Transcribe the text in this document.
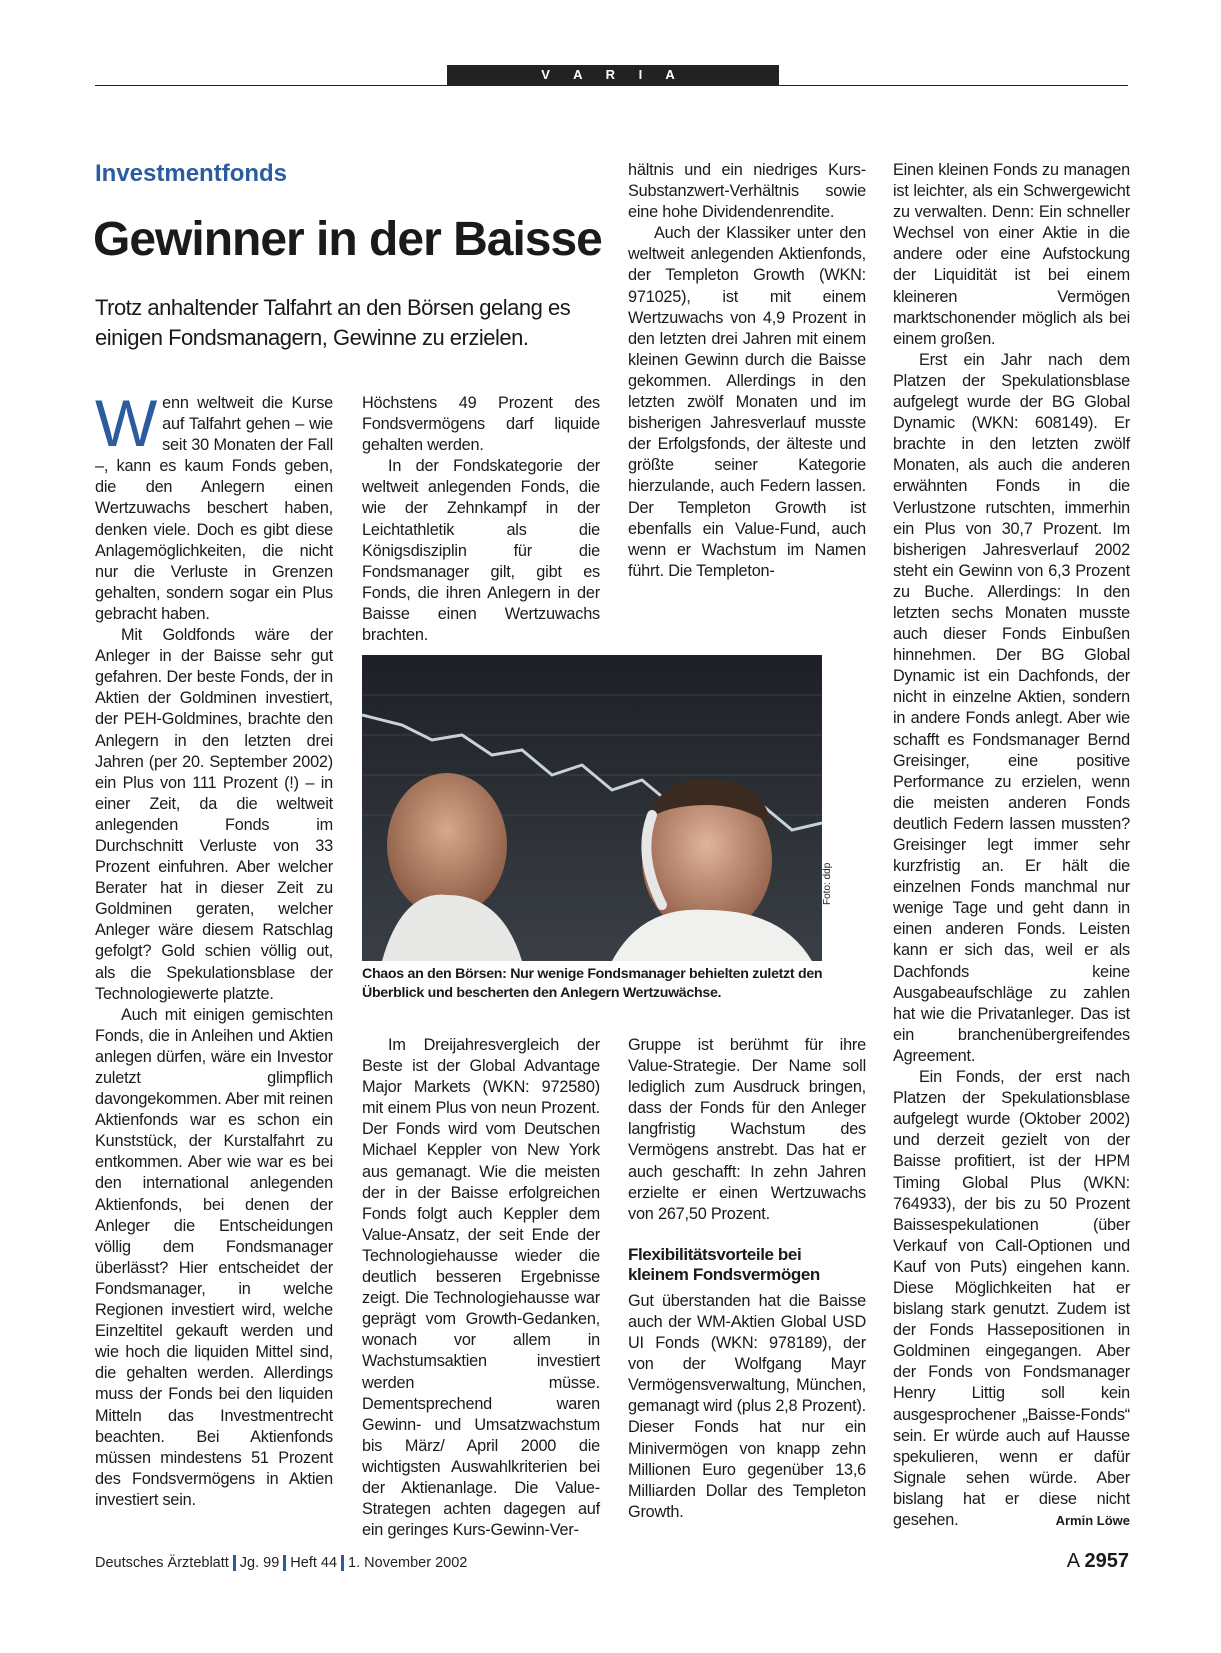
V A R I A
Investmentfonds
Gewinner in der Baisse
Trotz anhaltender Talfahrt an den Börsen gelang es einigen Fondsmanagern, Gewinne zu erzielen.

Wenn weltweit die Kurse auf Talfahrt gehen – wie seit 30 Monaten der Fall –, kann es kaum Fonds geben, die den Anlegern einen Wertzuwachs beschert haben, denken viele. Doch es gibt diese Anlagemöglichkeiten, die nicht nur die Verluste in Grenzen gehalten, sondern sogar ein Plus gebracht haben.

Mit Goldfonds wäre der Anleger in der Baisse sehr gut gefahren. Der beste Fonds, der in Aktien der Goldminen investiert, der PEH-Goldmines, brachte den Anlegern in den letzten drei Jahren (per 20. September 2002) ein Plus von 111 Prozent (!) – in einer Zeit, da die weltweit anlegenden Fonds im Durchschnitt Verluste von 33 Prozent einfuhren. Aber welcher Berater hat in dieser Zeit zu Goldminen geraten, welcher Anleger wäre diesem Ratschlag gefolgt? Gold schien völlig out, als die Spekulationsblase der Technologiewerte platzte.

Auch mit einigen gemischten Fonds, die in Anleihen und Aktien anlegen dürfen, wäre ein Investor zuletzt glimpflich davongekommen. Aber mit reinen Aktienfonds war es schon ein Kunststück, der Kurstalfahrt zu entkommen. Aber wie war es bei den international anlegenden Aktienfonds, bei denen der Anleger die Entscheidungen völlig dem Fondsmanager überlässt? Hier entscheidet der Fondsmanager, in welche Regionen investiert wird, welche Einzeltitel gekauft werden und wie hoch die liquiden Mittel sind, die gehalten werden. Allerdings muss der Fonds bei den liquiden Mitteln das Investmentrecht beachten. Bei Aktienfonds müssen mindestens 51 Prozent des Fondsvermögens in Aktien investiert sein.

Höchstens 49 Prozent des Fondsvermögens darf liquide gehalten werden.

In der Fondskategorie der weltweit anlegenden Fonds, die wie der Zehnkampf in der Leichtathletik als die Königsdisziplin für die Fondsmanager gilt, gibt es Fonds, die ihren Anlegern in der Baisse einen Wertzuwachs brachten.

hältnis und ein niedriges Kurs-Substanzwert-Verhältnis sowie eine hohe Dividendenrendite.

Auch der Klassiker unter den weltweit anlegenden Aktienfonds, der Templeton Growth (WKN: 971025), ist mit einem Wertzuwachs von 4,9 Prozent in den letzten drei Jahren mit einem kleinen Gewinn durch die Baisse gekommen. Allerdings in den letzten zwölf Monaten und im bisherigen Jahresverlauf musste der Erfolgsfonds, der älteste und größte seiner Kategorie hierzulande, auch Federn lassen. Der Templeton Growth ist ebenfalls ein Value-Fund, auch wenn er Wachstum im Namen führt. Die Templeton-

Foto: ddp
Chaos an den Börsen: Nur wenige Fondsmanager behielten zuletzt den Überblick und bescherten den Anlegern Wertzuwächse.

Im Dreijahresvergleich der Beste ist der Global Advantage Major Markets (WKN: 972580) mit einem Plus von neun Prozent. Der Fonds wird vom Deutschen Michael Keppler von New York aus gemanagt. Wie die meisten der in der Baisse erfolgreichen Fonds folgt auch Keppler dem Value-Ansatz, der seit Ende der Technologiehausse wieder die deutlich besseren Ergebnisse zeigt. Die Technologiehausse war geprägt vom Growth-Gedanken, wonach vor allem in Wachstumsaktien investiert werden müsse. Dementsprechend waren Gewinn- und Umsatzwachstum bis März/ April 2000 die wichtigsten Auswahlkriterien bei der Aktienanlage. Die Value-Strategen achten dagegen auf ein geringes Kurs-Gewinn-Ver-

Gruppe ist berühmt für ihre Value-Strategie. Der Name soll lediglich zum Ausdruck bringen, dass der Fonds für den Anleger langfristig Wachstum des Vermögens anstrebt. Das hat er auch geschafft: In zehn Jahren erzielte er einen Wertzuwachs von 267,50 Prozent.

Flexibilitätsvorteile bei kleinem Fondsvermögen

Gut überstanden hat die Baisse auch der WM-Aktien Global USD UI Fonds (WKN: 978189), der von der Wolfgang Mayr Vermögensverwaltung, München, gemanagt wird (plus 2,8 Prozent). Dieser Fonds hat nur ein Minivermögen von knapp zehn Millionen Euro gegenüber 13,6 Milliarden Dollar des Templeton Growth.

Einen kleinen Fonds zu managen ist leichter, als ein Schwergewicht zu verwalten. Denn: Ein schneller Wechsel von einer Aktie in die andere oder eine Aufstockung der Liquidität ist bei einem kleineren Vermögen marktschonender möglich als bei einem großen.

Erst ein Jahr nach dem Platzen der Spekulationsblase aufgelegt wurde der BG Global Dynamic (WKN: 608149). Er brachte in den letzten zwölf Monaten, als auch die anderen erwähnten Fonds in die Verlustzone rutschten, immerhin ein Plus von 30,7 Prozent. Im bisherigen Jahresverlauf 2002 steht ein Gewinn von 6,3 Prozent zu Buche. Allerdings: In den letzten sechs Monaten musste auch dieser Fonds Einbußen hinnehmen. Der BG Global Dynamic ist ein Dachfonds, der nicht in einzelne Aktien, sondern in andere Fonds anlegt. Aber wie schafft es Fondsmanager Bernd Greisinger, eine positive Performance zu erzielen, wenn die meisten anderen Fonds deutlich Federn lassen mussten? Greisinger legt immer sehr kurzfristig an. Er hält die einzelnen Fonds manchmal nur wenige Tage und geht dann in einen anderen Fonds. Leisten kann er sich das, weil er als Dachfonds keine Ausgabeaufschläge zu zahlen hat wie die Privatanleger. Das ist ein branchenübergreifendes Agreement.

Ein Fonds, der erst nach Platzen der Spekulationsblase aufgelegt wurde (Oktober 2002) und derzeit gezielt von der Baisse profitiert, ist der HPM Timing Global Plus (WKN: 764933), der bis zu 50 Prozent Baissespekulationen (über Verkauf von Call-Optionen und Kauf von Puts) eingehen kann. Diese Möglichkeiten hat er bislang stark genutzt. Zudem ist der Fonds Hassepositionen in Goldminen eingegangen. Aber der Fonds von Fondsmanager Henry Littig soll kein ausgesprochener „Baisse-Fonds“ sein. Er würde auch auf Hausse spekulieren, wenn er dafür Signale sehen würde. Aber bislang hat er diese nicht gesehen.	Armin Löwe

Deutsches Ärzteblatt Jg. 99 Heft 44 1. November 2002	A 2957
